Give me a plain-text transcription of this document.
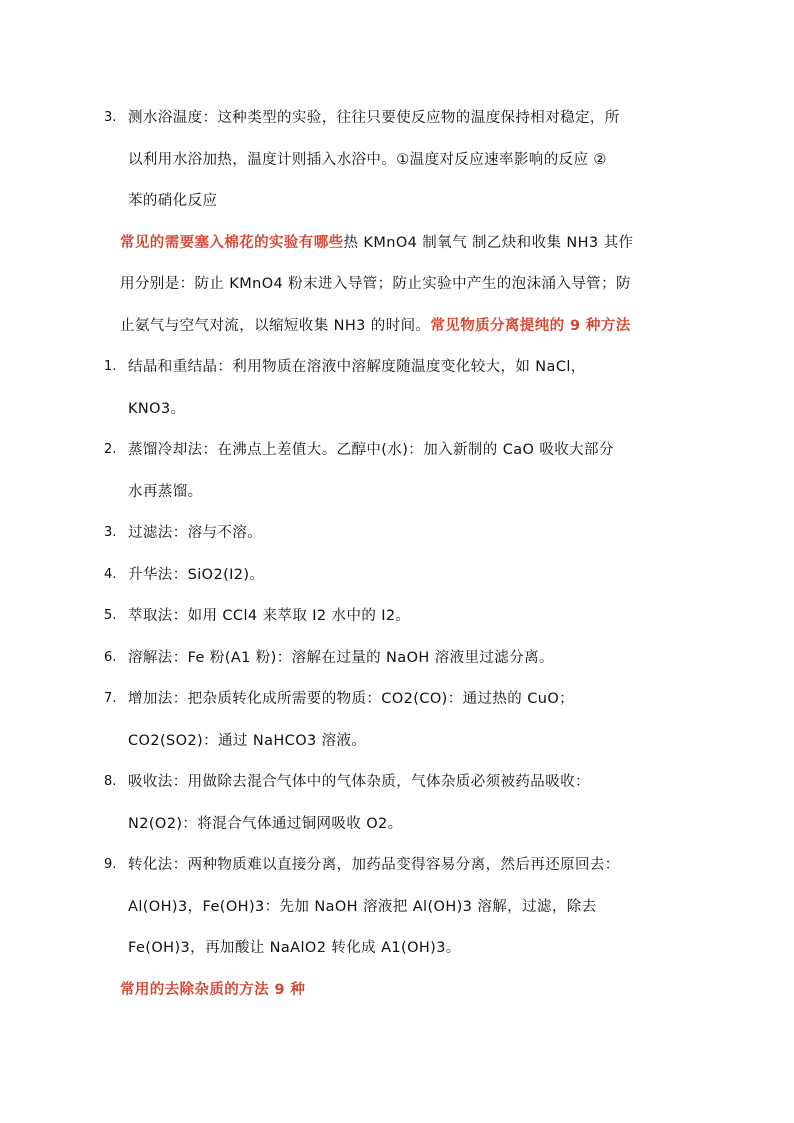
3. 测水浴温度：这种类型的实验，往往只要使反应物的温度保持相对稳定，所
以利用水浴加热，温度计则插入水浴中。①温度对反应速率影响的反应 ②
苯的硝化反应
常见的需要塞入棉花的实验有哪些热 KMnO4 制氧气 制乙炔和收集 NH3 其作
用分别是：防止 KMnO4 粉末进入导管；防止实验中产生的泡沫涌入导管；防
止氨气与空气对流，以缩短收集 NH3 的时间。常见物质分离提纯的 9 种方法
1. 结晶和重结晶：利用物质在溶液中溶解度随温度变化较大，如 NaCl，
KNO3。
2. 蒸馏冷却法：在沸点上差值大。乙醇中(水)：加入新制的 CaO 吸收大部分
水再蒸馏。
3. 过滤法：溶与不溶。
4. 升华法：SiO2(I2)。
5. 萃取法：如用 CCl4 来萃取 I2 水中的 I2。
6. 溶解法：Fe 粉(A1 粉)：溶解在过量的 NaOH 溶液里过滤分离。
7. 增加法：把杂质转化成所需要的物质：CO2(CO)：通过热的 CuO；
CO2(SO2)：通过 NaHCO3 溶液。
8. 吸收法：用做除去混合气体中的气体杂质，气体杂质必须被药品吸收：
N2(O2)：将混合气体通过铜网吸收 O2。
9. 转化法：两种物质难以直接分离，加药品变得容易分离，然后再还原回去：
Al(OH)3，Fe(OH)3：先加 NaOH 溶液把 Al(OH)3 溶解，过滤，除去
Fe(OH)3，再加酸让 NaAlO2 转化成 A1(OH)3。
常用的去除杂质的方法 9 种
